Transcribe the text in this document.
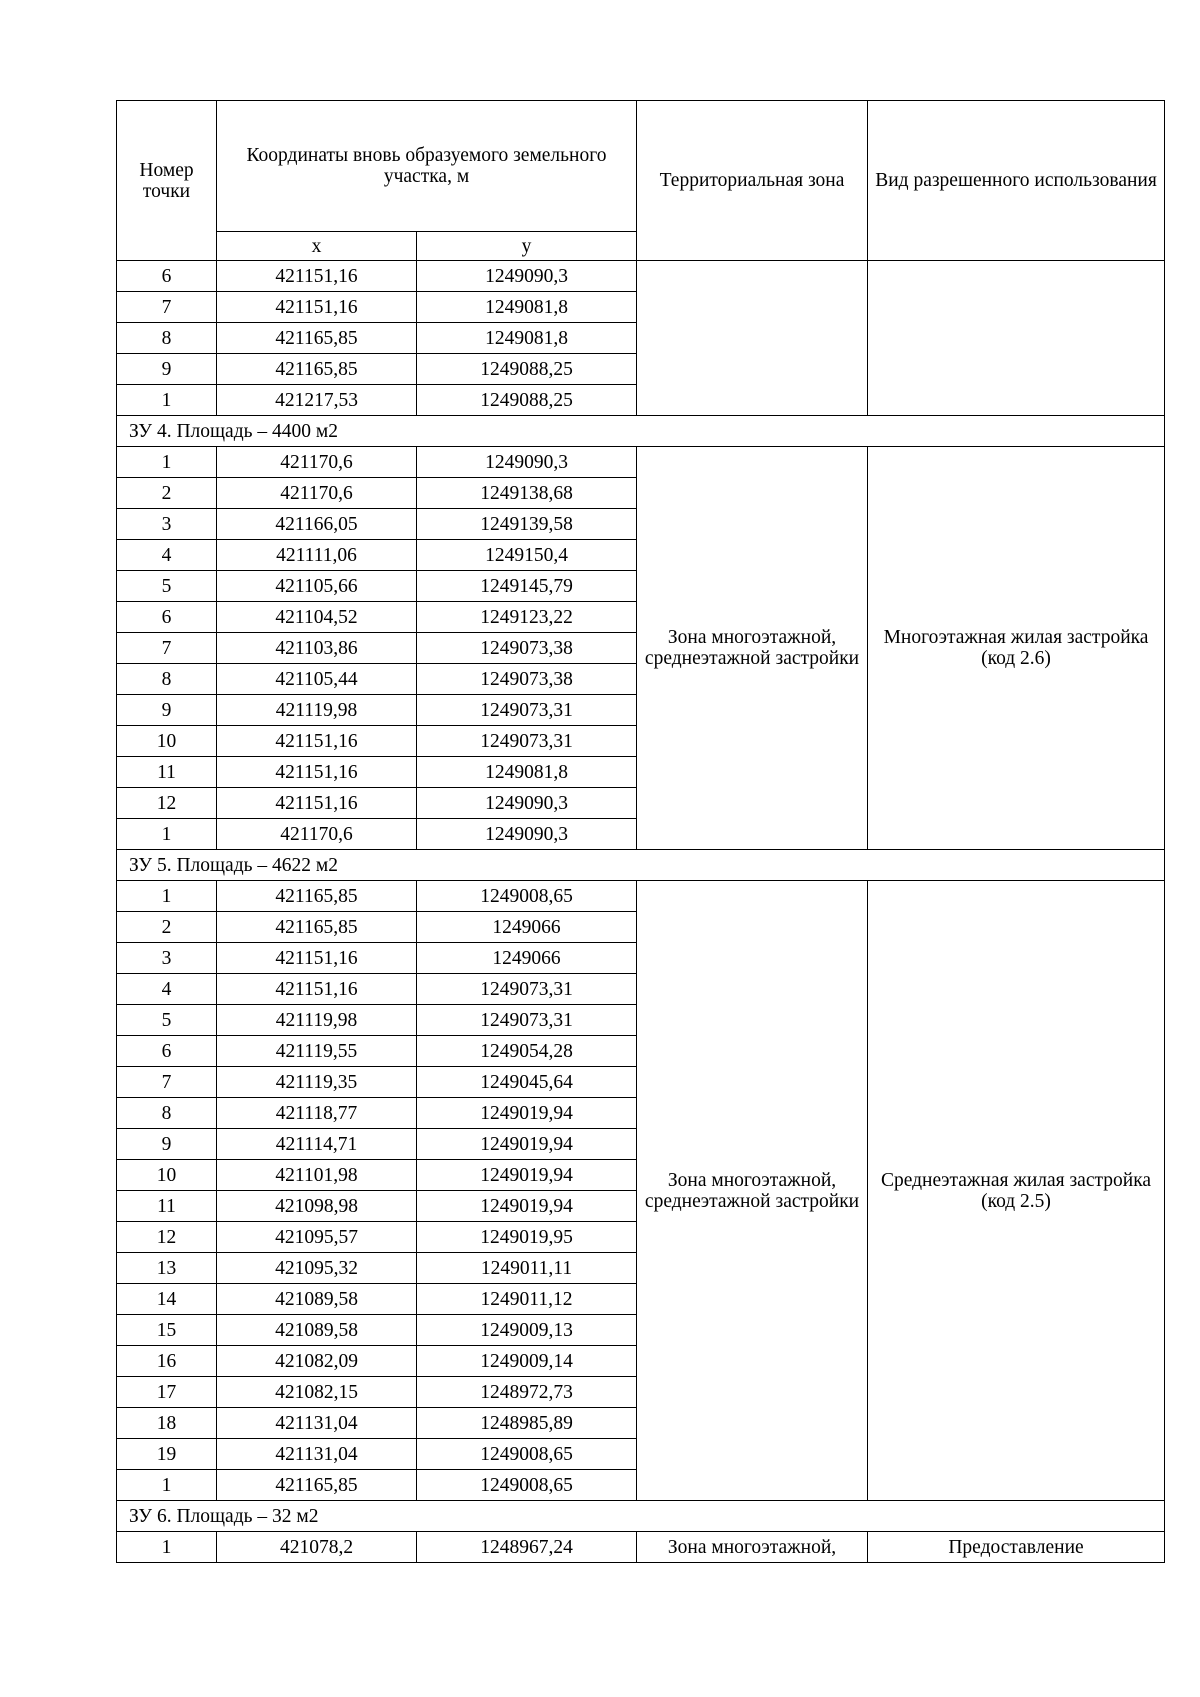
Номер точки	Координаты вновь образуемого земельного участка, м		Территориальная зона	Вид разрешенного использования
	x	y		
6	421151,16	1249090,3		
7	421151,16	1249081,8		
8	421165,85	1249081,8		
9	421165,85	1249088,25		
1	421217,53	1249088,25		
ЗУ 4. Площадь – 4400 м2				
1	421170,6	1249090,3	Зона многоэтажной, среднеэтажной застройки	Многоэтажная жилая застройка (код 2.6)
2	421170,6	1249138,68		
3	421166,05	1249139,58		
4	421111,06	1249150,4		
5	421105,66	1249145,79		
6	421104,52	1249123,22		
7	421103,86	1249073,38		
8	421105,44	1249073,38		
9	421119,98	1249073,31		
10	421151,16	1249073,31		
11	421151,16	1249081,8		
12	421151,16	1249090,3		
1	421170,6	1249090,3		
ЗУ 5. Площадь – 4622 м2				
1	421165,85	1249008,65	Зона многоэтажной, среднеэтажной застройки	Среднеэтажная жилая застройка (код 2.5)
2	421165,85	1249066		
3	421151,16	1249066		
4	421151,16	1249073,31		
5	421119,98	1249073,31		
6	421119,55	1249054,28		
7	421119,35	1249045,64		
8	421118,77	1249019,94		
9	421114,71	1249019,94		
10	421101,98	1249019,94		
11	421098,98	1249019,94		
12	421095,57	1249019,95		
13	421095,32	1249011,11		
14	421089,58	1249011,12		
15	421089,58	1249009,13		
16	421082,09	1249009,14		
17	421082,15	1248972,73		
18	421131,04	1248985,89		
19	421131,04	1249008,65		
1	421165,85	1249008,65		
ЗУ 6. Площадь – 32 м2				
1	421078,2	1248967,24	Зона многоэтажной,	Предоставление
